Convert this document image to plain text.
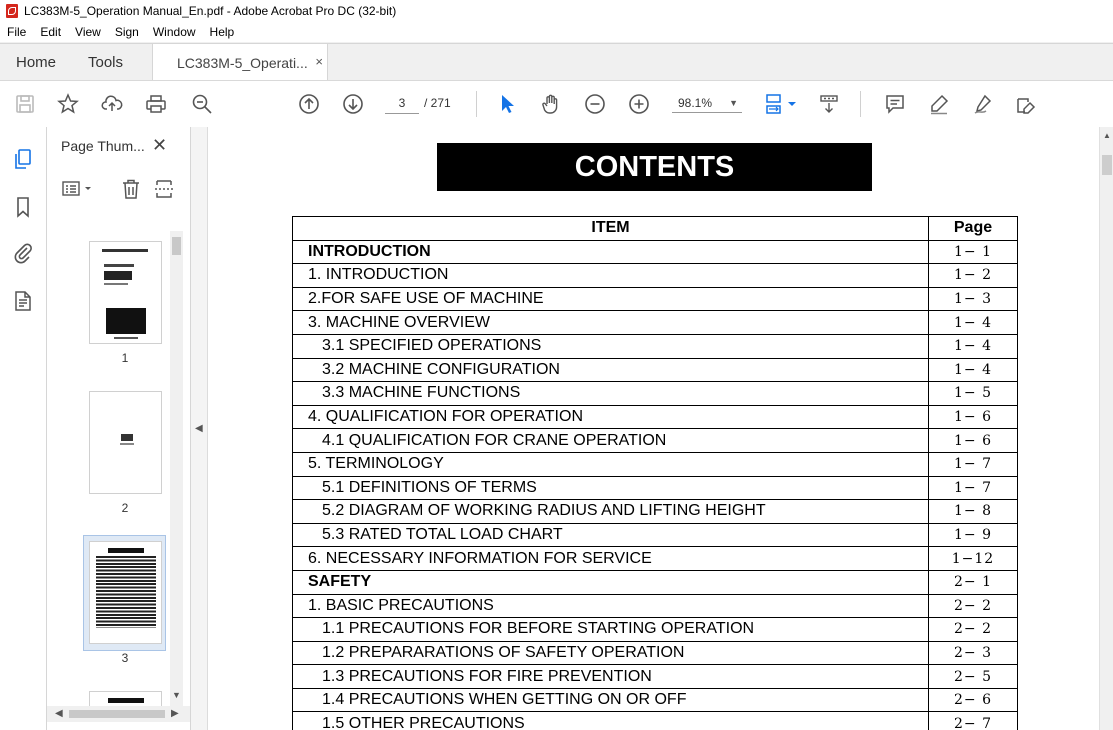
LC383M-5_Operation Manual_En.pdf - Adobe Acrobat Pro DC (32-bit)
File	Edit	View	Sign	Window	Help
Home Tools	LC383M-5_Operati... ×
3	/ 271	98.1% ▼
Page Thum... ✕
1
2
3
▼
◀	▶
◀
CONTENTS
ITEM	Page
INTRODUCTION	1− 1
1. INTRODUCTION	1− 2
2.FOR SAFE USE OF MACHINE	1− 3
3. MACHINE OVERVIEW	1− 4
3.1 SPECIFIED OPERATIONS	1− 4
3.2 MACHINE CONFIGURATION	1− 4
3.3 MACHINE FUNCTIONS	1− 5
4. QUALIFICATION FOR OPERATION	1− 6
4.1 QUALIFICATION FOR CRANE OPERATION	1− 6
5. TERMINOLOGY	1− 7
5.1 DEFINITIONS OF TERMS	1− 7
5.2 DIAGRAM OF WORKING RADIUS AND LIFTING HEIGHT	1− 8
5.3 RATED TOTAL LOAD CHART	1− 9
6. NECESSARY INFORMATION FOR SERVICE	1−12
SAFETY	2− 1
1. BASIC PRECAUTIONS	2− 2
1.1 PRECAUTIONS FOR BEFORE STARTING OPERATION	2− 2
1.2 PREPARARATIONS OF SAFETY OPERATION	2− 3
1.3 PRECAUTIONS FOR FIRE PREVENTION	2− 5
1.4 PRECAUTIONS WHEN GETTING ON OR OFF	2− 6
1.5 OTHER PRECAUTIONS	2− 7
▲
